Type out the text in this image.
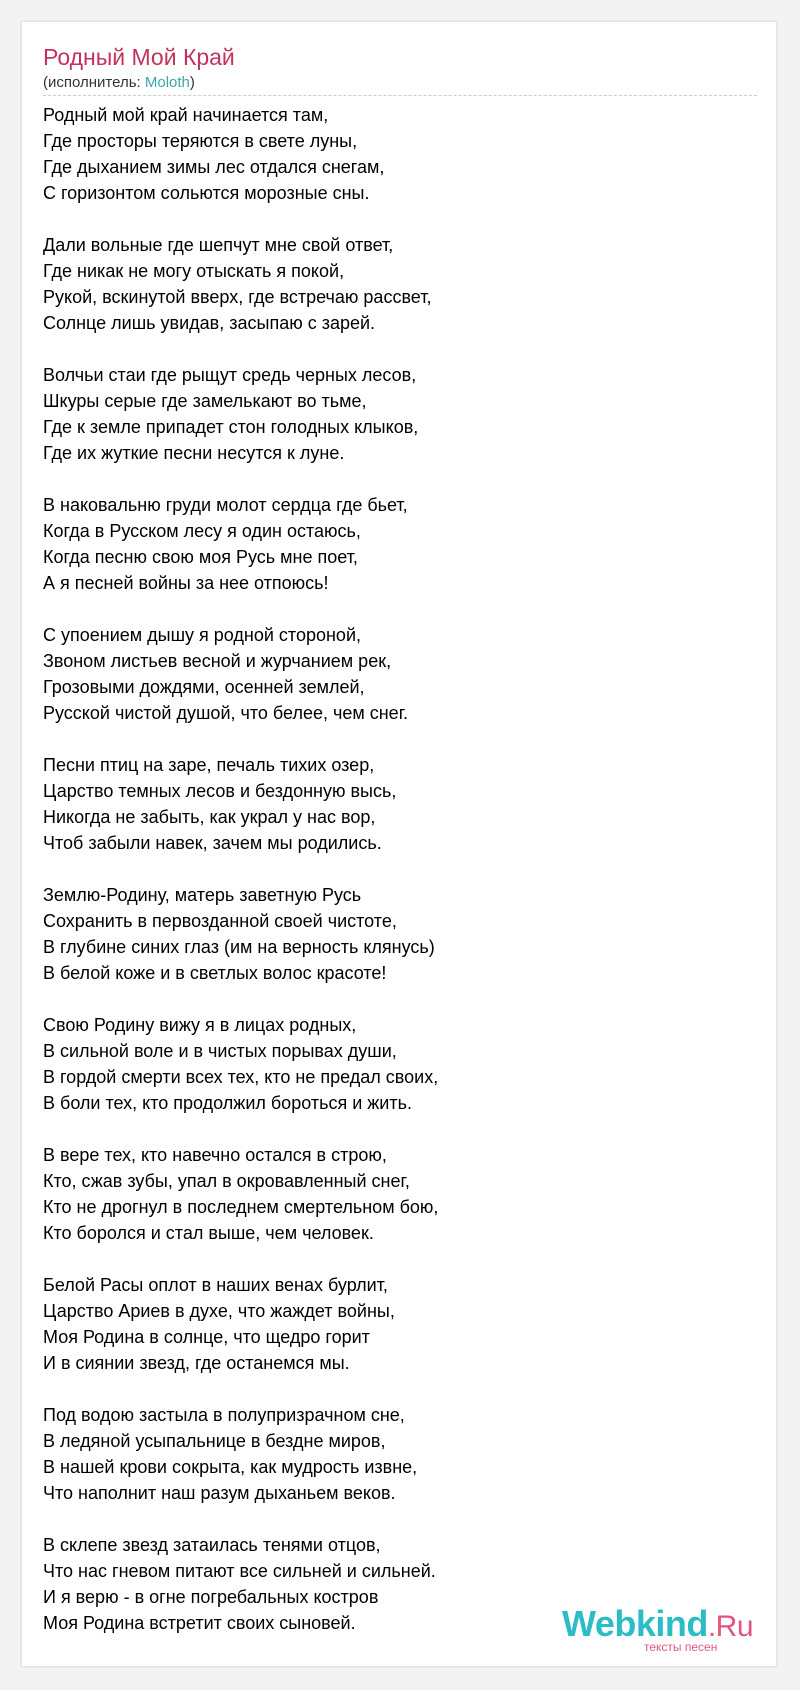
Родный Мой Край
(исполнитель: Moloth)
Родный мой край начинается там,
Где просторы теряются в свете луны,
Где дыханием зимы лес отдался снегам,
С горизонтом сольются морозные сны.
Дали вольные где шепчут мне свой ответ,
Где никак не могу отыскать я покой,
Рукой, вскинутой вверх, где встречаю рассвет,
Солнце лишь увидав, засыпаю с зарей.
Волчьи стаи где рыщут средь черных лесов,
Шкуры серые где замелькают во тьме,
Где к земле припадет стон голодных клыков,
Где их жуткие песни несутся к луне.
В наковальню груди молот сердца где бьет,
Когда в Русском лесу я один остаюсь,
Когда песню свою моя Русь мне поет,
А я песней войны за нее отпоюсь!
С упоением дышу я родной стороной,
Звоном листьев весной и журчанием рек,
Грозовыми дождями, осенней землей,
Русской чистой душой, что белее, чем снег.
Песни птиц на заре, печаль тихих озер,
Царство темных лесов и бездонную высь,
Никогда не забыть, как украл у нас вор,
Чтоб забыли навек, зачем мы родились.
Землю-Родину, матерь заветную Русь
Сохранить в первозданной своей чистоте,
В глубине синих глаз (им на верность клянусь)
В белой коже и в светлых волос красоте!
Свою Родину вижу я в лицах родных,
В сильной воле и в чистых порывах души,
В гордой смерти всех тех, кто не предал своих,
В боли тех, кто продолжил бороться и жить.
В вере тех, кто навечно остался в строю,
Кто, сжав зубы, упал в окровавленный снег,
Кто не дрогнул в последнем смертельном бою,
Кто боролся и стал выше, чем человек.
Белой Расы оплот в наших венах бурлит,
Царство Ариев в духе, что жаждет войны,
Моя Родина в солнце, что щедро горит
И в сиянии звезд, где останемся мы.
Под водою застыла в полупризрачном сне,
В ледяной усыпальнице в бездне миров,
В нашей крови сокрыта, как мудрость извне,
Что наполнит наш разум дыханьем веков.
В склепе звезд затаилась тенями отцов,
Что нас гневом питают все сильней и сильней.
И я верю - в огне погребальных костров
Моя Родина встретит своих сыновей.	Webkind.Ru
тексты песен
